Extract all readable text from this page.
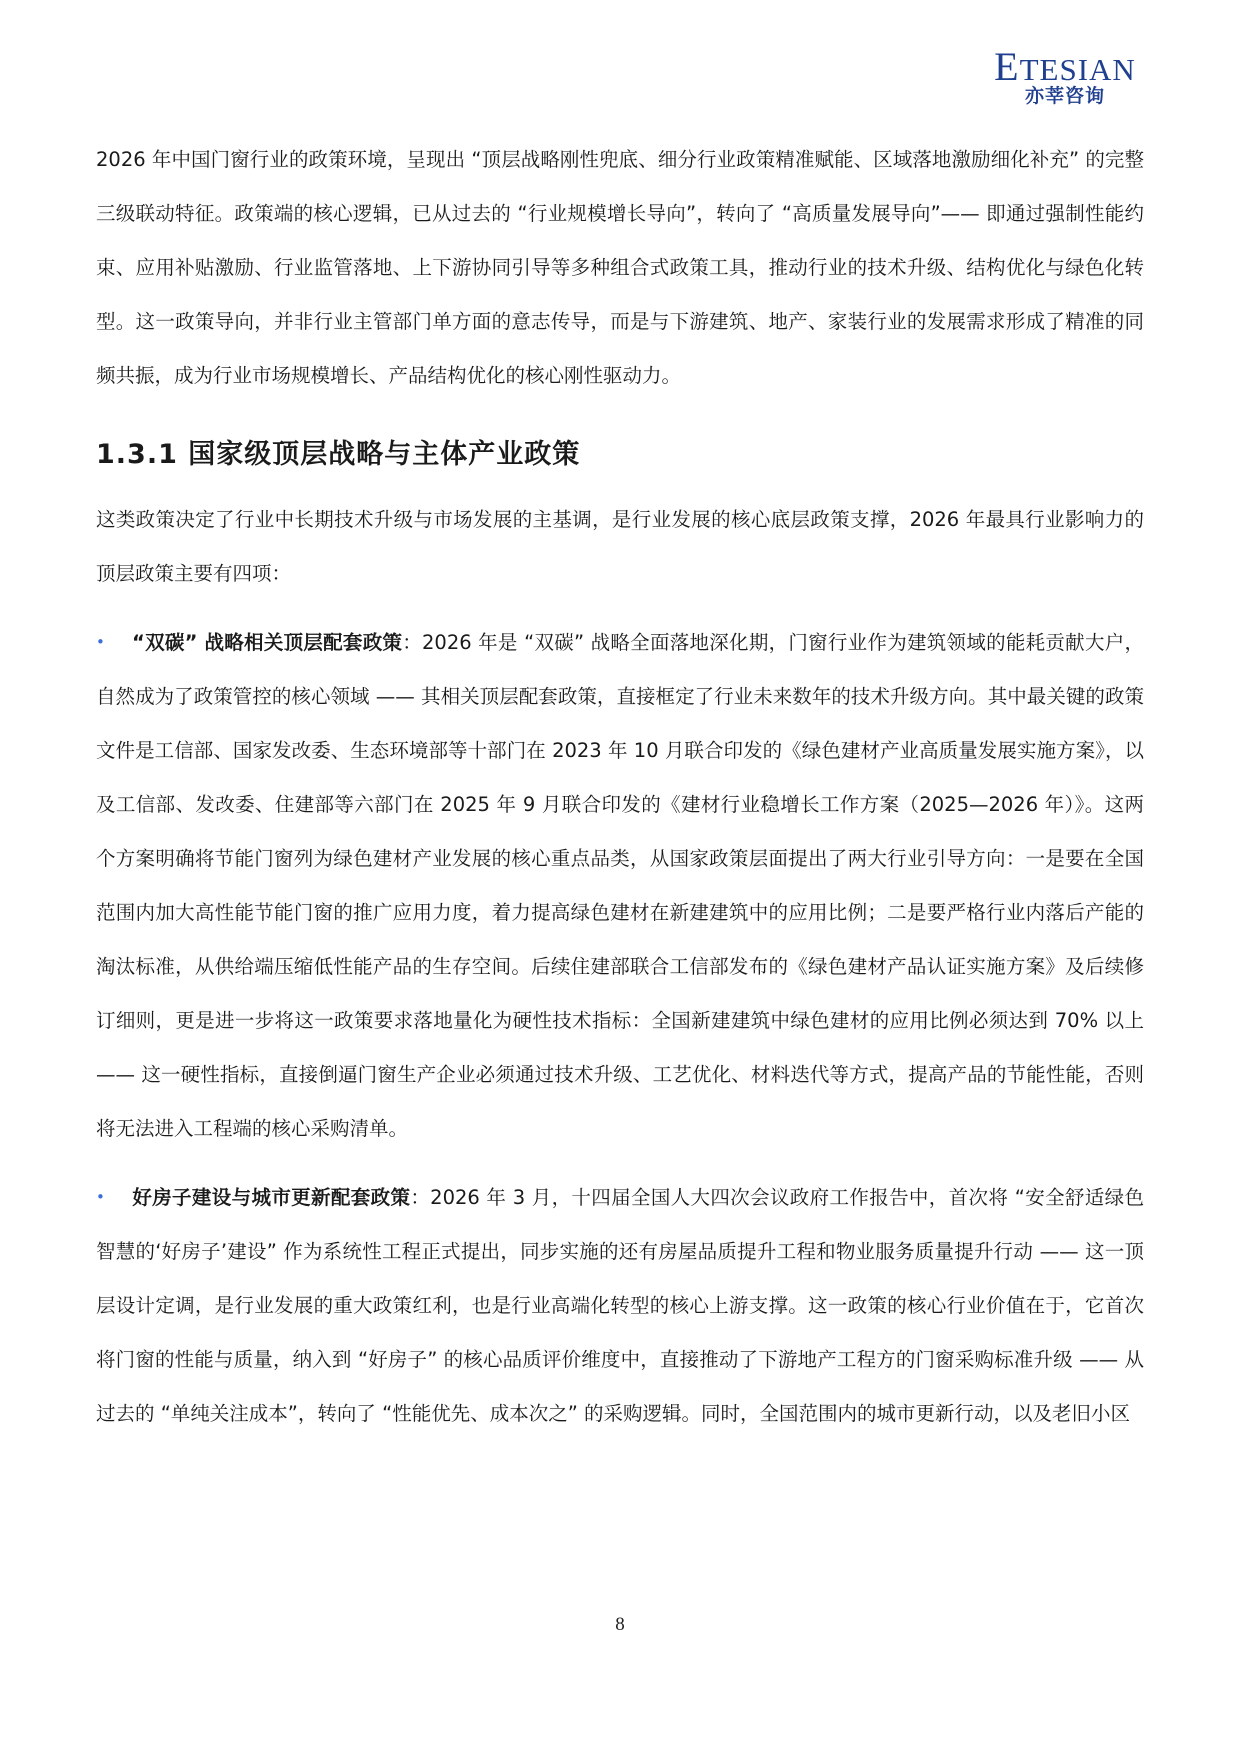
ETESIAN
亦莘咨询

2026 年中国门窗行业的政策环境，呈现出 “顶层战略刚性兜底、细分行业政策精准赋能、区域落地激励细化补充” 的完整三级联动特征。政策端的核心逻辑，已从过去的 “行业规模增长导向”，转向了 “高质量发展导向”—— 即通过强制性能约束、应用补贴激励、行业监管落地、上下游协同引导等多种组合式政策工具，推动行业的技术升级、结构优化与绿色化转型。这一政策导向，并非行业主管部门单方面的意志传导，而是与下游建筑、地产、家装行业的发展需求形成了精准的同频共振，成为行业市场规模增长、产品结构优化的核心刚性驱动力。

1.3.1 国家级顶层战略与主体产业政策

这类政策决定了行业中长期技术升级与市场发展的主基调，是行业发展的核心底层政策支撑，2026 年最具行业影响力的顶层政策主要有四项：

• “双碳” 战略相关顶层配套政策：2026 年是 “双碳” 战略全面落地深化期，门窗行业作为建筑领域的能耗贡献大户，自然成为了政策管控的核心领域 —— 其相关顶层配套政策，直接框定了行业未来数年的技术升级方向。其中最关键的政策文件是工信部、国家发改委、生态环境部等十部门在 2023 年 10 月联合印发的《绿色建材产业高质量发展实施方案》，以及工信部、发改委、住建部等六部门在 2025 年 9 月联合印发的《建材行业稳增长工作方案（2025—2026 年）》。这两个方案明确将节能门窗列为绿色建材产业发展的核心重点品类，从国家政策层面提出了两大行业引导方向：一是要在全国范围内加大高性能节能门窗的推广应用力度，着力提高绿色建材在新建建筑中的应用比例；二是要严格行业内落后产能的淘汰标准，从供给端压缩低性能产品的生存空间。后续住建部联合工信部发布的《绿色建材产品认证实施方案》及后续修订细则，更是进一步将这一政策要求落地量化为硬性技术指标：全国新建建筑中绿色建材的应用比例必须达到 70% 以上 —— 这一硬性指标，直接倒逼门窗生产企业必须通过技术升级、工艺优化、材料迭代等方式，提高产品的节能性能，否则将无法进入工程端的核心采购清单。

• 好房子建设与城市更新配套政策：2026 年 3 月，十四届全国人大四次会议政府工作报告中，首次将 “安全舒适绿色智慧的‘好房子’建设” 作为系统性工程正式提出，同步实施的还有房屋品质提升工程和物业服务质量提升行动 —— 这一顶层设计定调，是行业发展的重大政策红利，也是行业高端化转型的核心上游支撑。这一政策的核心行业价值在于，它首次将门窗的性能与质量，纳入到 “好房子” 的核心品质评价维度中，直接推动了下游地产工程方的门窗采购标准升级 —— 从过去的 “单纯关注成本”，转向了 “性能优先、成本次之” 的采购逻辑。同时，全国范围内的城市更新行动，以及老旧小区

8
